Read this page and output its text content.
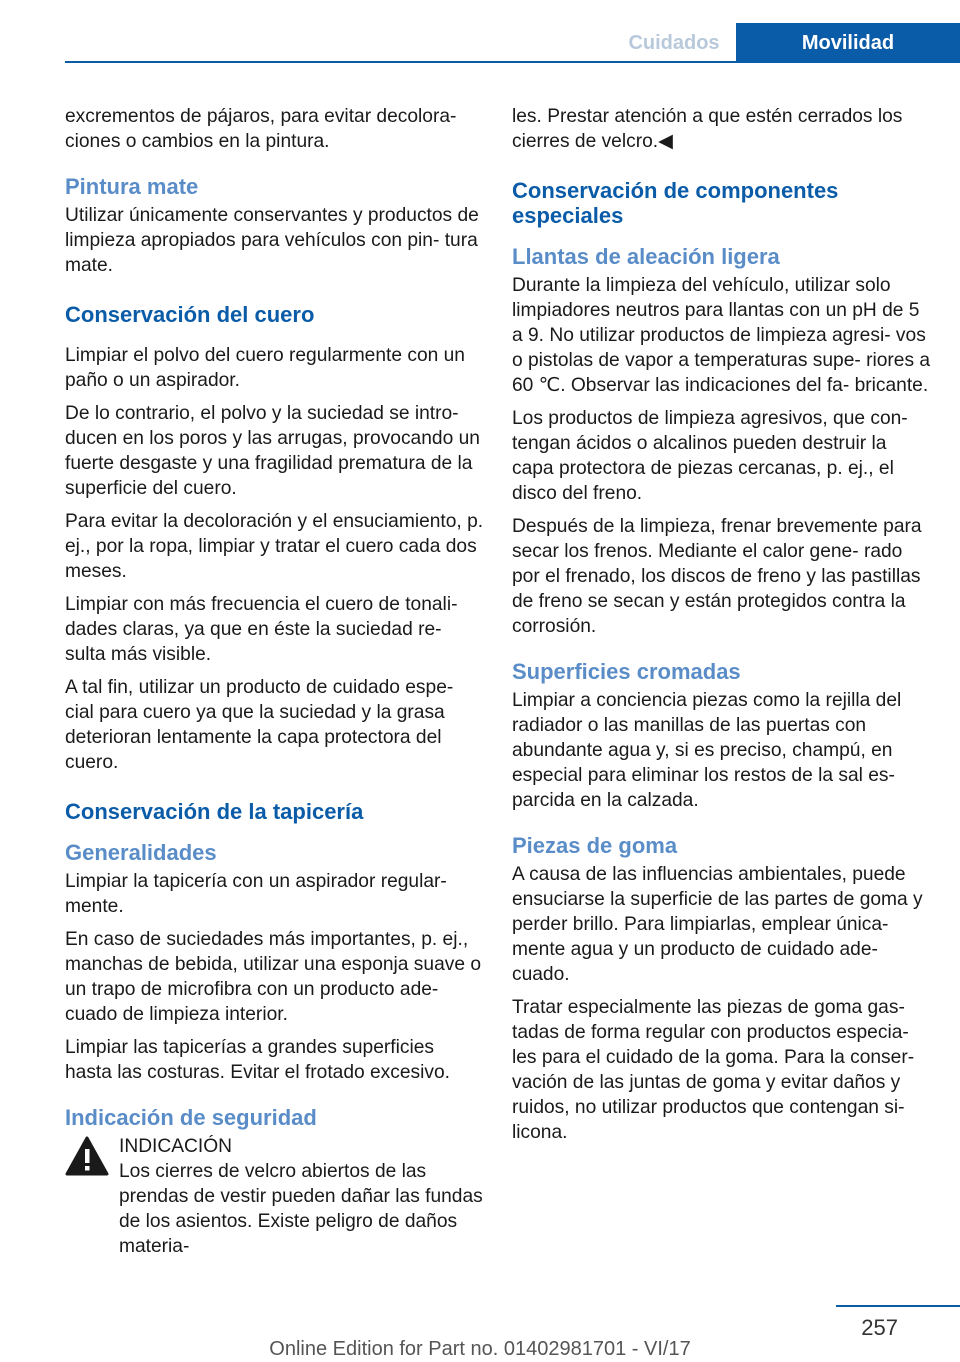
Cuidados	Movilidad

excrementos de pájaros, para evitar decolora‐ ciones o cambios en la pintura.

Pintura mate

Utilizar únicamente conservantes y productos de limpieza apropiados para vehículos con pin‐ tura mate.

Conservación del cuero

Limpiar el polvo del cuero regularmente con un paño o un aspirador.

De lo contrario, el polvo y la suciedad se intro‐ ducen en los poros y las arrugas, provocando un fuerte desgaste y una fragilidad prematura de la superficie del cuero.

Para evitar la decoloración y el ensuciamiento, p. ej., por la ropa, limpiar y tratar el cuero cada dos meses.

Limpiar con más frecuencia el cuero de tonali‐ dades claras, ya que en éste la suciedad re‐ sulta más visible.

A tal fin, utilizar un producto de cuidado espe‐ cial para cuero ya que la suciedad y la grasa deterioran lentamente la capa protectora del cuero.

Conservación de la tapicería
Generalidades

Limpiar la tapicería con un aspirador regular‐ mente.

En caso de suciedades más importantes, p. ej., manchas de bebida, utilizar una esponja suave o un trapo de microfibra con un producto ade‐ cuado de limpieza interior.

Limpiar las tapicerías a grandes superficies hasta las costuras. Evitar el frotado excesivo.

Indicación de seguridad
INDICACIÓN

Los cierres de velcro abiertos de las prendas de vestir pueden dañar las fundas de los asientos. Existe peligro de daños materia‐

les. Prestar atención a que estén cerrados los cierres de velcro.◀

Conservación de componentes especiales
Llantas de aleación ligera

Durante la limpieza del vehículo, utilizar solo limpiadores neutros para llantas con un pH de 5 a 9. No utilizar productos de limpieza agresi‐ vos o pistolas de vapor a temperaturas supe‐ riores a 60 ℃. Observar las indicaciones del fa‐ bricante.

Los productos de limpieza agresivos, que con‐ tengan ácidos o alcalinos pueden destruir la capa protectora de piezas cercanas, p. ej., el disco del freno.

Después de la limpieza, frenar brevemente para secar los frenos. Mediante el calor gene‐ rado por el frenado, los discos de freno y las pastillas de freno se secan y están protegidos contra la corrosión.

Superficies cromadas

Limpiar a conciencia piezas como la rejilla del radiador o las manillas de las puertas con abundante agua y, si es preciso, champú, en especial para eliminar los restos de la sal es‐ parcida en la calzada.

Piezas de goma

A causa de las influencias ambientales, puede ensuciarse la superficie de las partes de goma y perder brillo. Para limpiarlas, emplear única‐ mente agua y un producto de cuidado ade‐ cuado.

Tratar especialmente las piezas de goma gas‐ tadas de forma regular con productos especia‐ les para el cuidado de la goma. Para la conser‐ vación de las juntas de goma y evitar daños y ruidos, no utilizar productos que contengan si‐ licona.

257
Online Edition for Part no. 01402981701 - VI/17
